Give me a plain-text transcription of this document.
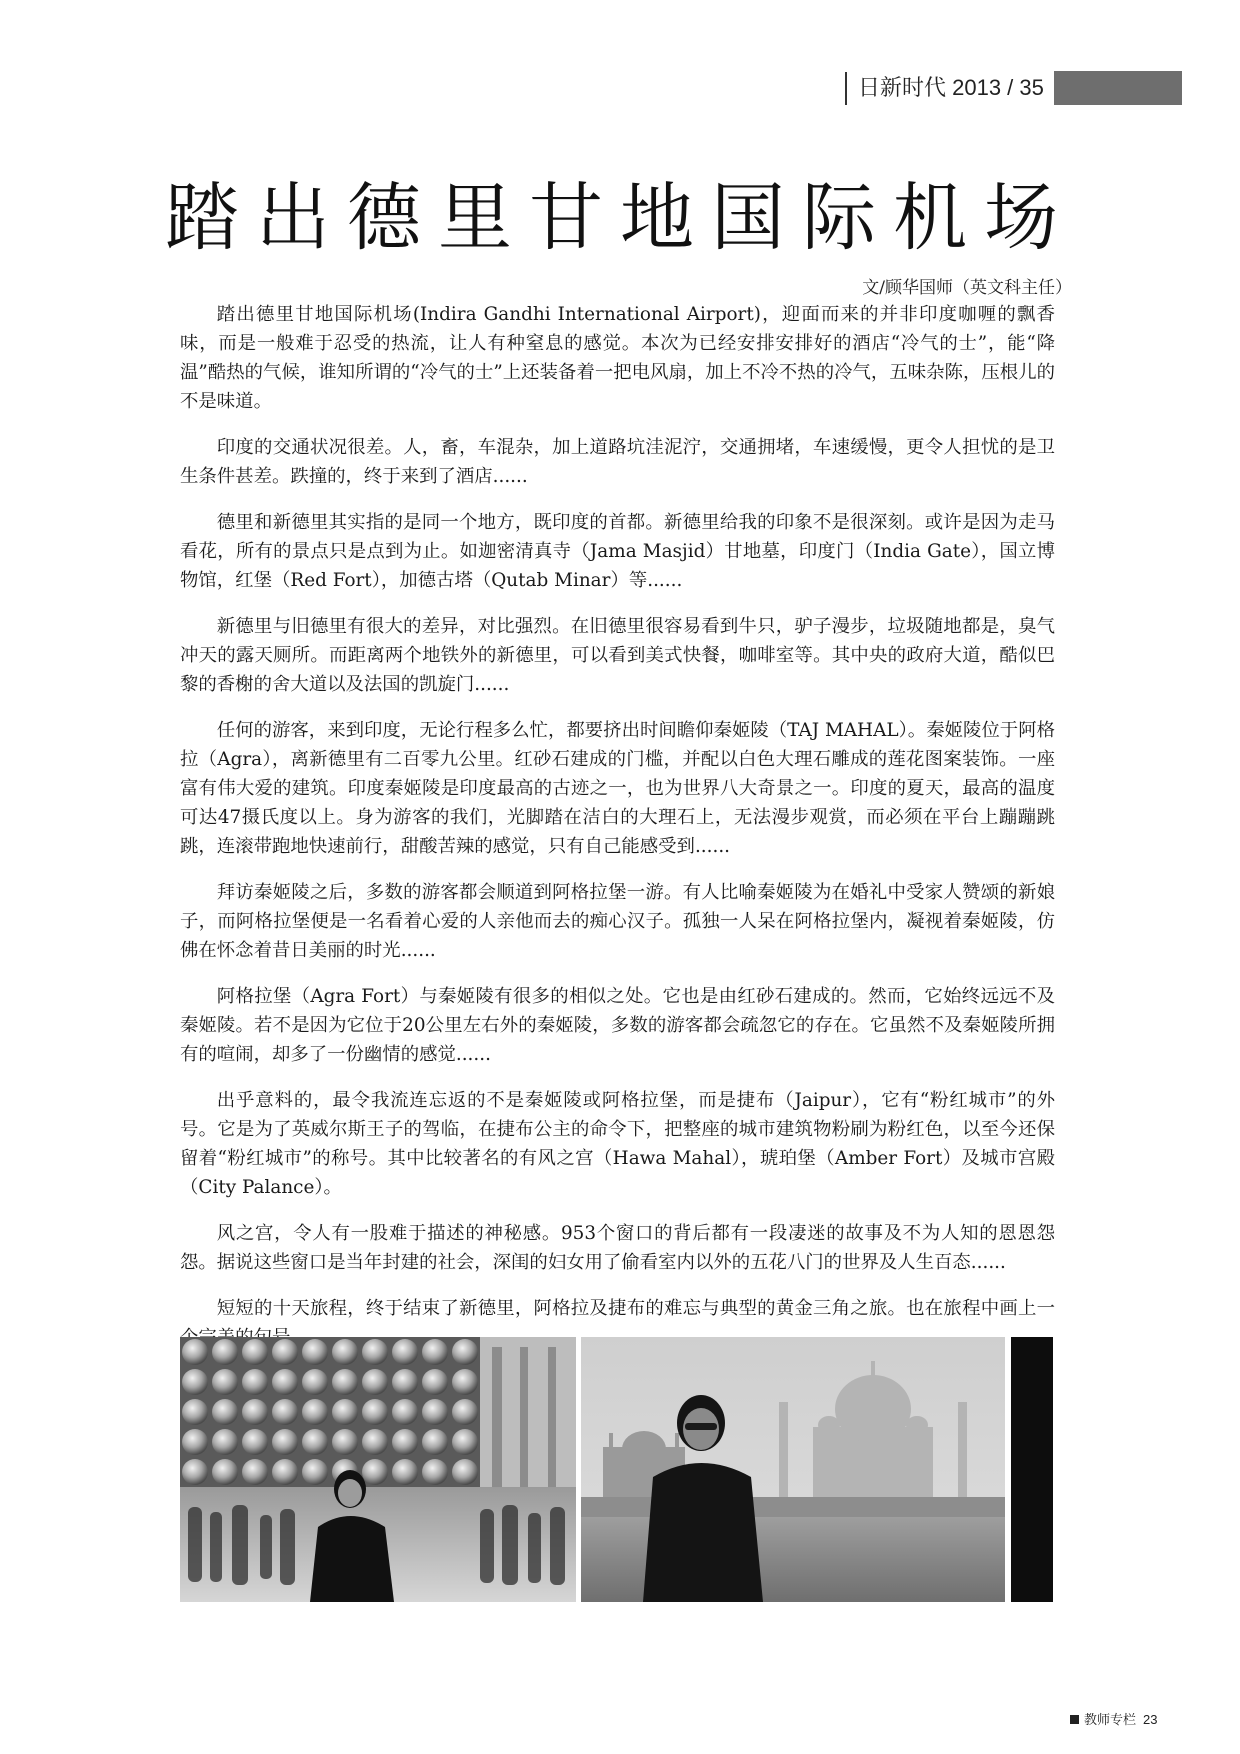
日新时代 2013 / 35
踏出德里甘地国际机场
文/顾华国师（英文科主任）

踏出德里甘地国际机场(Indira Gandhi International Airport)，迎面而来的并非印度咖喱的飘香味，而是一般难于忍受的热流，让人有种窒息的感觉。本次为已经安排安排好的酒店“冷气的士”，能“降温”酷热的气候，谁知所谓的“冷气的士”上还装备着一把电风扇，加上不冷不热的冷气，五味杂陈，压根儿的不是味道。

印度的交通状况很差。人，畜，车混杂，加上道路坑洼泥泞，交通拥堵，车速缓慢，更令人担忧的是卫生条件甚差。跌撞的，终于来到了酒店......

德里和新德里其实指的是同一个地方，既印度的首都。新德里给我的印象不是很深刻。或许是因为走马看花，所有的景点只是点到为止。如迦密清真寺（Jama Masjid）甘地墓，印度门（India Gate），国立博物馆，红堡（Red Fort），加德古塔（Qutab Minar）等......

新德里与旧德里有很大的差异，对比强烈。在旧德里很容易看到牛只，驴子漫步，垃圾随地都是，臭气冲天的露天厕所。而距离两个地铁外的新德里，可以看到美式快餐，咖啡室等。其中央的政府大道，酷似巴黎的香榭的舍大道以及法国的凯旋门......

任何的游客，来到印度，无论行程多么忙，都要挤出时间瞻仰秦姬陵（TAJ MAHAL）。秦姬陵位于阿格拉（Agra），离新德里有二百零九公里。红砂石建成的门槛，并配以白色大理石雕成的莲花图案装饰。一座富有伟大爱的建筑。印度秦姬陵是印度最高的古迹之一，也为世界八大奇景之一。印度的夏天，最高的温度可达47摄氏度以上。身为游客的我们，光脚踏在洁白的大理石上，无法漫步观赏，而必须在平台上蹦蹦跳跳，连滚带跑地快速前行，甜酸苦辣的感觉，只有自己能感受到......

拜访秦姬陵之后，多数的游客都会顺道到阿格拉堡一游。有人比喻秦姬陵为在婚礼中受家人赞颂的新娘子，而阿格拉堡便是一名看着心爱的人亲他而去的痴心汉子。孤独一人呆在阿格拉堡内，凝视着秦姬陵，仿佛在怀念着昔日美丽的时光......

阿格拉堡（Agra Fort）与秦姬陵有很多的相似之处。它也是由红砂石建成的。然而，它始终远远不及秦姬陵。若不是因为它位于20公里左右外的秦姬陵，多数的游客都会疏忽它的存在。它虽然不及秦姬陵所拥有的喧闹，却多了一份幽情的感觉......

出乎意料的，最令我流连忘返的不是秦姬陵或阿格拉堡，而是捷布（Jaipur），它有“粉红城市”的外号。它是为了英威尔斯王子的驾临，在捷布公主的命令下，把整座的城市建筑物粉刷为粉红色，以至今还保留着“粉红城市”的称号。其中比较著名的有风之宫（Hawa Mahal），琥珀堡（Amber Fort）及城市宫殿（City Palance）。

风之宫，令人有一股难于描述的神秘感。953个窗口的背后都有一段凄迷的故事及不为人知的恩恩怨怨。据说这些窗口是当年封建的社会，深闺的妇女用了偷看室内以外的五花八门的世界及人生百态......

短短的十天旅程，终于结束了新德里，阿格拉及捷布的难忘与典型的黄金三角之旅。也在旅程中画上一

教师专栏 23
